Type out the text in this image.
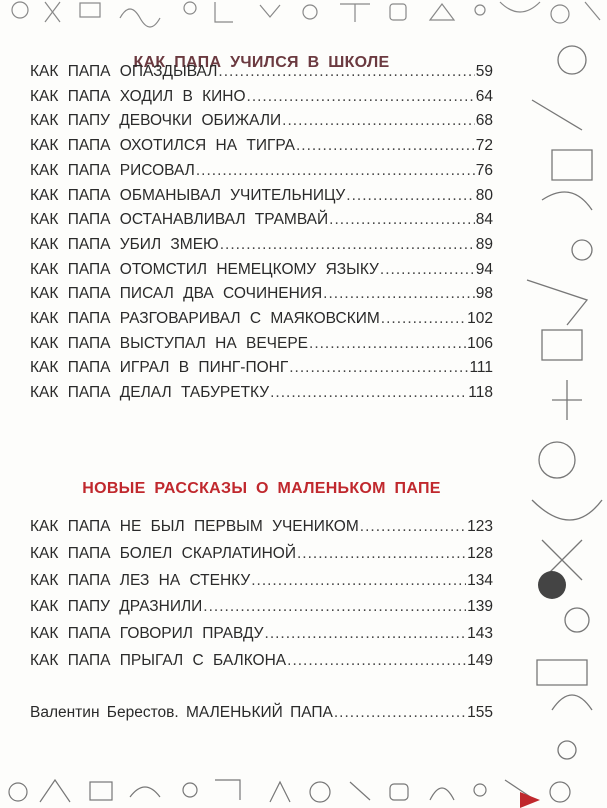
КАК ПАПА УЧИЛСЯ В ШКОЛЕ
КАК ПАПА ОПАЗДЫВАЛ .....	59
КАК ПАПА ХОДИЛ В КИНО .....	64
КАК ПАПУ ДЕВОЧКИ ОБИЖАЛИ .....	68
КАК ПАПА ОХОТИЛСЯ НА ТИГРА .....	72
КАК ПАПА РИСОВАЛ .....	76
КАК ПАПА ОБМАНЫВАЛ УЧИТЕЛЬНИЦУ .....	80
КАК ПАПА ОСТАНАВЛИВАЛ ТРАМВАЙ .....	84
КАК ПАПА УБИЛ ЗМЕЮ .....	89
КАК ПАПА ОТОМСТИЛ НЕМЕЦКОМУ ЯЗЫКУ .....	94
КАК ПАПА ПИСАЛ ДВА СОЧИНЕНИЯ .....	98
КАК ПАПА РАЗГОВАРИВАЛ С МАЯКОВСКИМ .....	102
КАК ПАПА ВЫСТУПАЛ НА ВЕЧЕРЕ .....	106
КАК ПАПА ИГРАЛ В ПИНГ-ПОНГ .....	111
КАК ПАПА ДЕЛАЛ ТАБУРЕТКУ .....	118
НОВЫЕ РАССКАЗЫ О МАЛЕНЬКОМ ПАПЕ
КАК ПАПА НЕ БЫЛ ПЕРВЫМ УЧЕНИКОМ .....	123
КАК ПАПА БОЛЕЛ СКАРЛАТИНОЙ .....	128
КАК ПАПА ЛЕЗ НА СТЕНКУ .....	134
КАК ПАПУ ДРАЗНИЛИ .....	139
КАК ПАПА ГОВОРИЛ ПРАВДУ .....	143
КАК ПАПА ПРЫГАЛ С БАЛКОНА .....	149
Валентин Берестов. МАЛЕНЬКИЙ ПАПА .....	155
